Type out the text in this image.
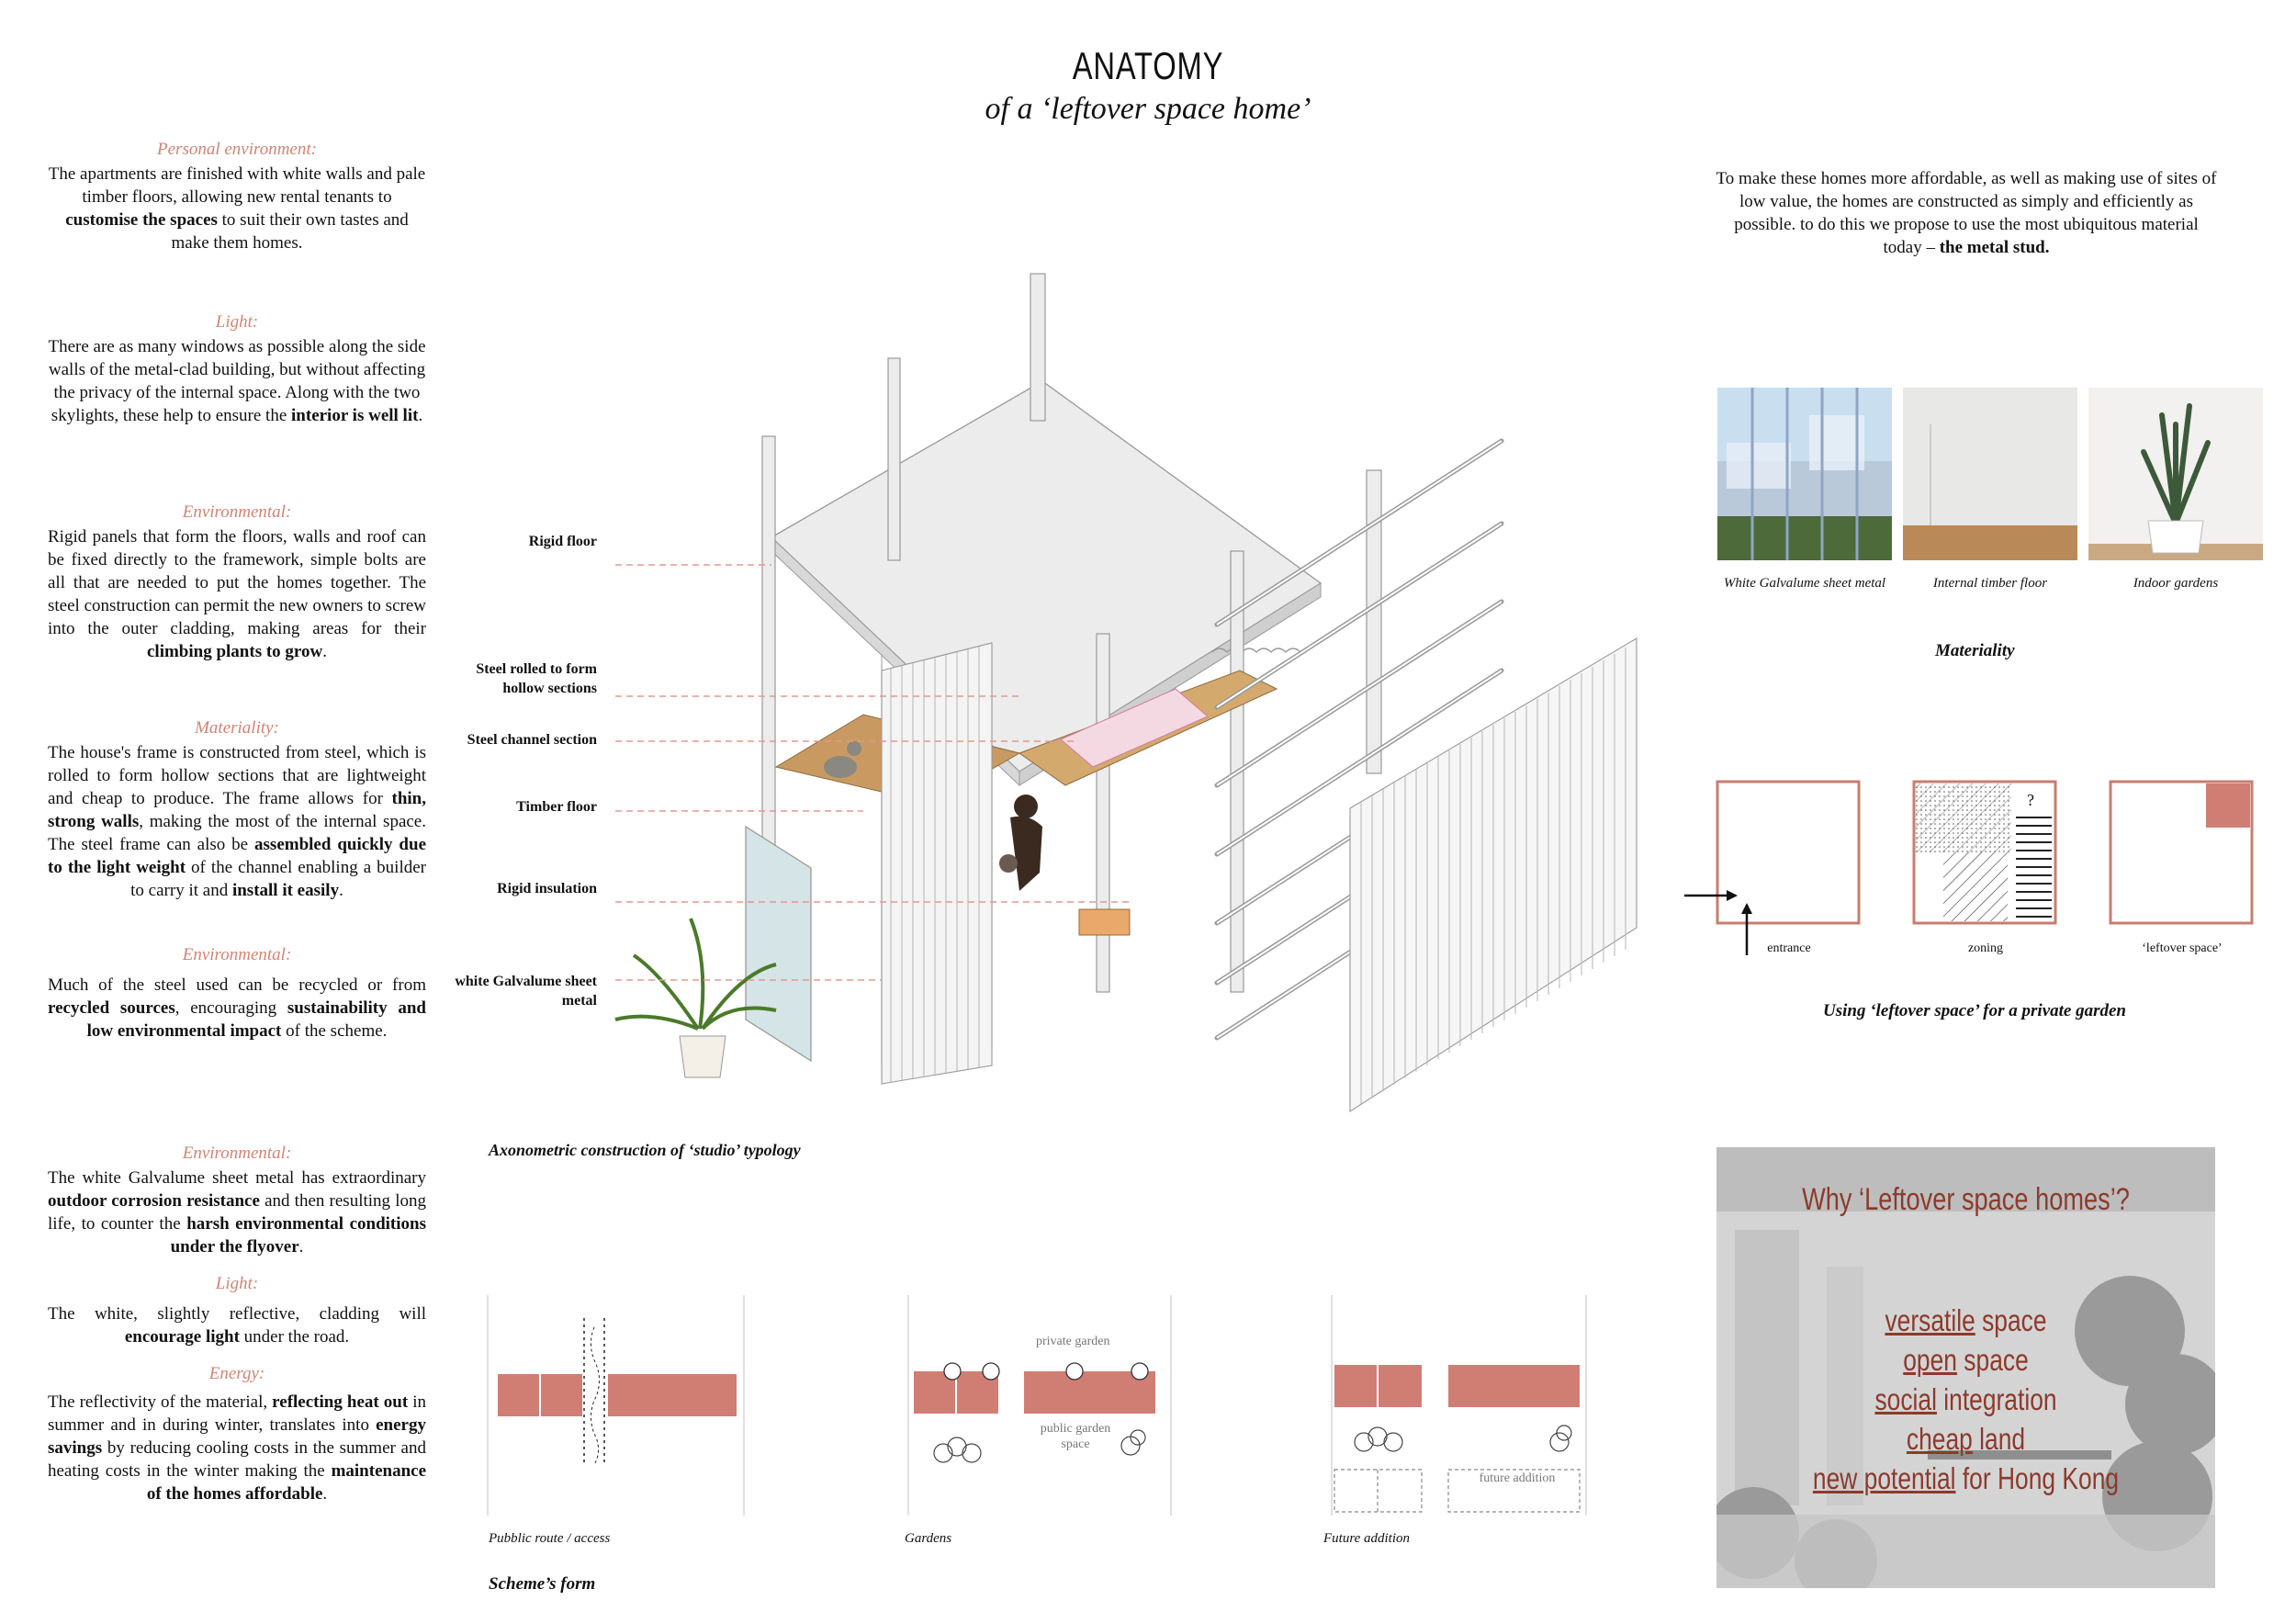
ANATOMY
of a ‘leftover space home’
Personal environment:
The apartments are finished with white walls and pale timber floors, allowing new rental tenants to customise the spaces to suit their own tastes and make them homes.
Light:
There are as many windows as possible along the side walls of the metal-clad building, but without affecting the privacy of the internal space. Along with the two skylights, these help to ensure the interior is well lit.
Environmental:
Rigid panels that form the floors, walls and roof can be fixed directly to the framework, simple bolts are all that are needed to put the homes together. The steel construction can permit the new owners to screw into the outer cladding, making areas for their climbing plants to grow.
Materiality:
The house's frame is constructed from steel, which is rolled to form hollow sections that are lightweight and cheap to produce. The frame allows for thin, strong walls, making the most of the internal space. The steel frame can also be assembled quickly due to the light weight of the channel enabling a builder to carry it and install it easily.
Environmental:
Much of the steel used can be recycled or from recycled sources, encouraging sustainability and low environmental impact of the scheme.
Environmental:
The white Galvalume sheet metal has extraordinary outdoor corrosion resistance and then resulting long life, to counter the harsh environmental conditions under the flyover.
Light:
The white, slightly reflective, cladding will encourage light under the road.
Energy:
The reflectivity of the material, reflecting heat out in summer and in during winter, translates into energy savings by reducing cooling costs in the summer and heating costs in the winter making the maintenance of the homes affordable.
Rigid floor
Steel rolled to form hollow sections
Steel channel section
Timber floor
Rigid insulation
white Galvalume sheet metal
Axonometric construction of ‘studio’ typology
To make these homes more affordable, as well as making use of sites of low value, the homes are constructed as simply and efficiently as possible. to do this we propose to use the most ubiquitous material today – the metal stud.
White Galvalume sheet metal	Internal timber floor	Indoor gardens
Materiality
?
entrance	zoning	‘leftover space’
Using ‘leftover space’ for a private garden
Why ‘Leftover space homes’?
versatile space
open space
social integration
cheap land
new potential for Hong Kong
private garden
public garden space
future addition
Pubblic route / access	Gardens	Future addition
Scheme’s form
